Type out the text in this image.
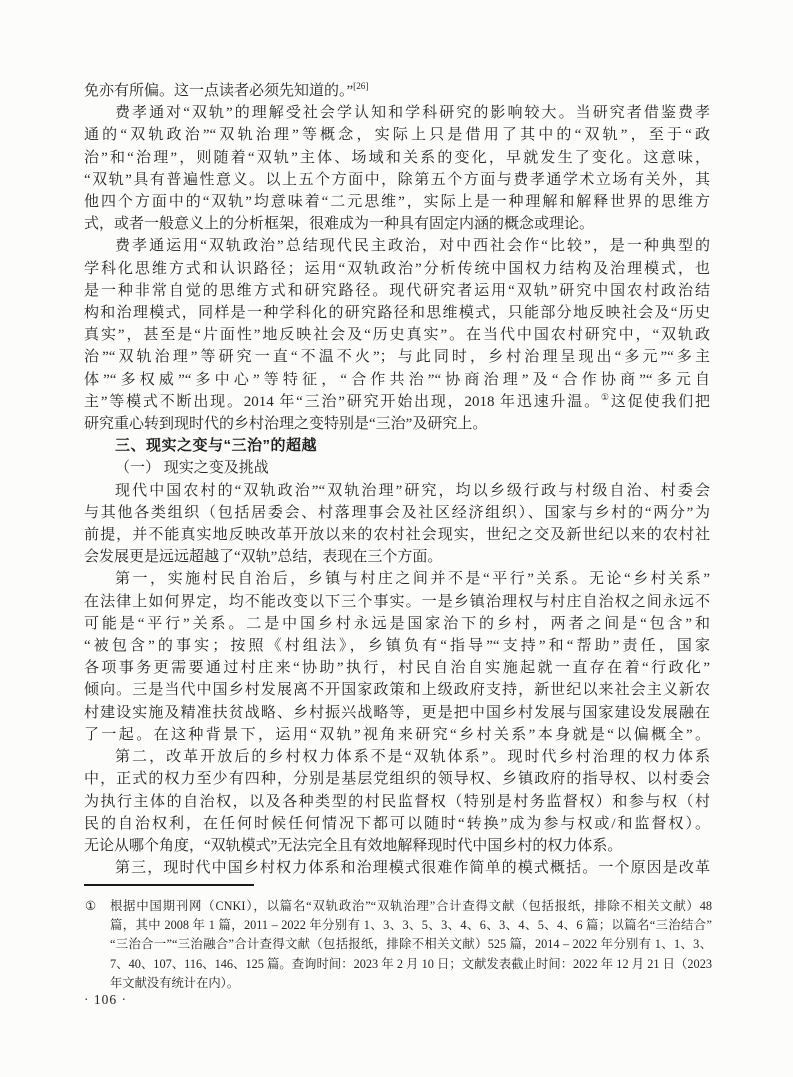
免亦有所偏。这一点读者必须先知道的。”[26]
费孝通对“双轨”的理解受社会学认知和学科研究的影响较大。当研究者借鉴费孝
通的“双轨政治”“双轨治理”等概念，实际上只是借用了其中的“双轨”，至于“政
治”和“治理”，则随着“双轨”主体、场域和关系的变化，早就发生了变化。这意味，
“双轨”具有普遍性意义。以上五个方面中，除第五个方面与费孝通学术立场有关外，其
他四个方面中的“双轨”均意味着“二元思维”，实际上是一种理解和解释世界的思维方
式，或者一般意义上的分析框架，很难成为一种具有固定内涵的概念或理论。
费孝通运用“双轨政治”总结现代民主政治，对中西社会作“比较”，是一种典型的
学科化思维方式和认识路径；运用“双轨政治”分析传统中国权力结构及治理模式，也
是一种非常自觉的思维方式和研究路径。现代研究者运用“双轨”研究中国农村政治结
构和治理模式，同样是一种学科化的研究路径和思维模式，只能部分地反映社会及“历史
真实”，甚至是“片面性”地反映社会及“历史真实”。在当代中国农村研究中，“双轨政
治”“双轨治理”等研究一直“不温不火”；与此同时，乡村治理呈现出“多元”“多主
体”“多权威”“多中心”等特征，“合作共治”“协商治理”及“合作协商”“多元自
主”等模式不断出现。2014 年“三治”研究开始出现，2018 年迅速升温。①这促使我们把
研究重心转到现时代的乡村治理之变特别是“三治”及研究上。
三、现实之变与“三治”的超越
（一） 现实之变及挑战
现代中国农村的“双轨政治”“双轨治理”研究，均以乡级行政与村级自治、村委会
与其他各类组织（包括居委会、村落理事会及社区经济组织）、国家与乡村的“两分”为
前提，并不能真实地反映改革开放以来的农村社会现实，世纪之交及新世纪以来的农村社
会发展更是远远超越了“双轨”总结，表现在三个方面。
第一，实施村民自治后，乡镇与村庄之间并不是“平行”关系。无论“乡村关系”
在法律上如何界定，均不能改变以下三个事实。一是乡镇治理权与村庄自治权之间永远不
可能是“平行”关系。二是中国乡村永远是国家治下的乡村，两者之间是“包含”和
“被包含”的事实；按照《村组法》，乡镇负有“指导”“支持”和“帮助”责任，国家
各项事务更需要通过村庄来“协助”执行，村民自治自实施起就一直存在着“行政化”
倾向。三是当代中国乡村发展离不开国家政策和上级政府支持，新世纪以来社会主义新农
村建设实施及精准扶贫战略、乡村振兴战略等，更是把中国乡村发展与国家建设发展融在
了一起。在这种背景下，运用“双轨”视角来研究“乡村关系”本身就是“以偏概全”。
第二，改革开放后的乡村权力体系不是“双轨体系”。现时代乡村治理的权力体系
中，正式的权力至少有四种，分别是基层党组织的领导权、乡镇政府的指导权、以村委会
为执行主体的自治权，以及各种类型的村民监督权（特别是村务监督权）和参与权（村
民的自治权利，在任何时候任何情况下都可以随时“转换”成为参与权或/和监督权）。
无论从哪个角度，“双轨模式”无法完全且有效地解释现时代中国乡村的权力体系。
第三，现时代中国乡村权力体系和治理模式很难作简单的模式概括。一个原因是改革
① 根据中国期刊网（CNKI），以篇名“双轨政治”“双轨治理”合计查得文献（包括报纸，排除不相关文献）48
篇，其中 2008 年 1 篇，2011 – 2022 年分别有 1、3、3、5、3、4、6、3、4、5、4、6 篇；以篇名“三治结合”
“三治合一”“三治融合”合计查得文献（包括报纸，排除不相关文献）525 篇，2014 – 2022 年分别有 1、1、3、
7、40、107、116、146、125 篇。查询时间：2023 年 2 月 10 日；文献发表截止时间：2022 年 12 月 21 日（2023
年文献没有统计在内）。
· 106 ·
